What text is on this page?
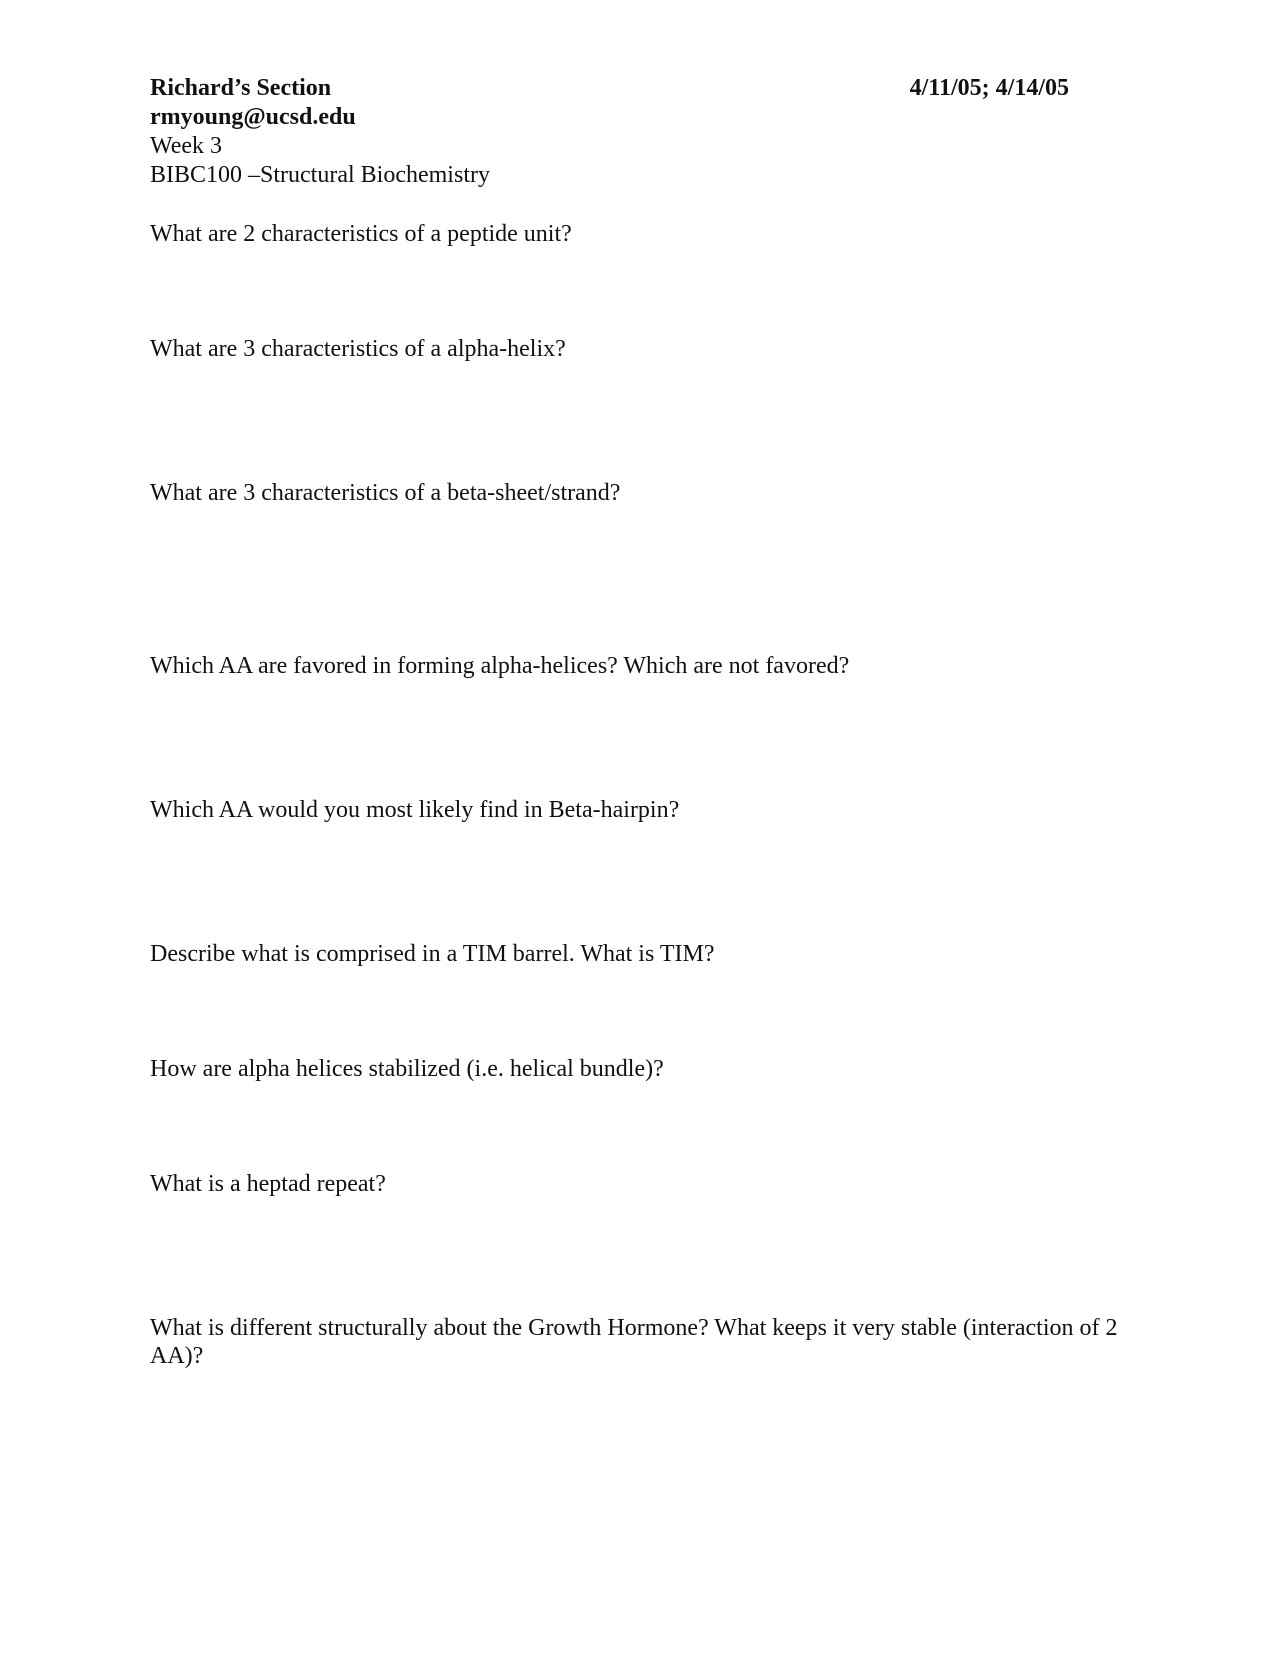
Richard’s Section	4/11/05; 4/14/05
rmyoung@ucsd.edu
Week 3
BIBC100 –Structural Biochemistry
What are 2 characteristics of a peptide unit?
What are 3 characteristics of a alpha-helix?
What are 3 characteristics of a beta-sheet/strand?
Which AA are favored in forming alpha-helices? Which are not favored?
Which AA would you most likely find in Beta-hairpin?
Describe what is comprised in a TIM barrel. What is TIM?
How are alpha helices stabilized (i.e. helical bundle)?
What is a heptad repeat?
What is different structurally about the Growth Hormone? What keeps it very stable (interaction of 2 AA)?
